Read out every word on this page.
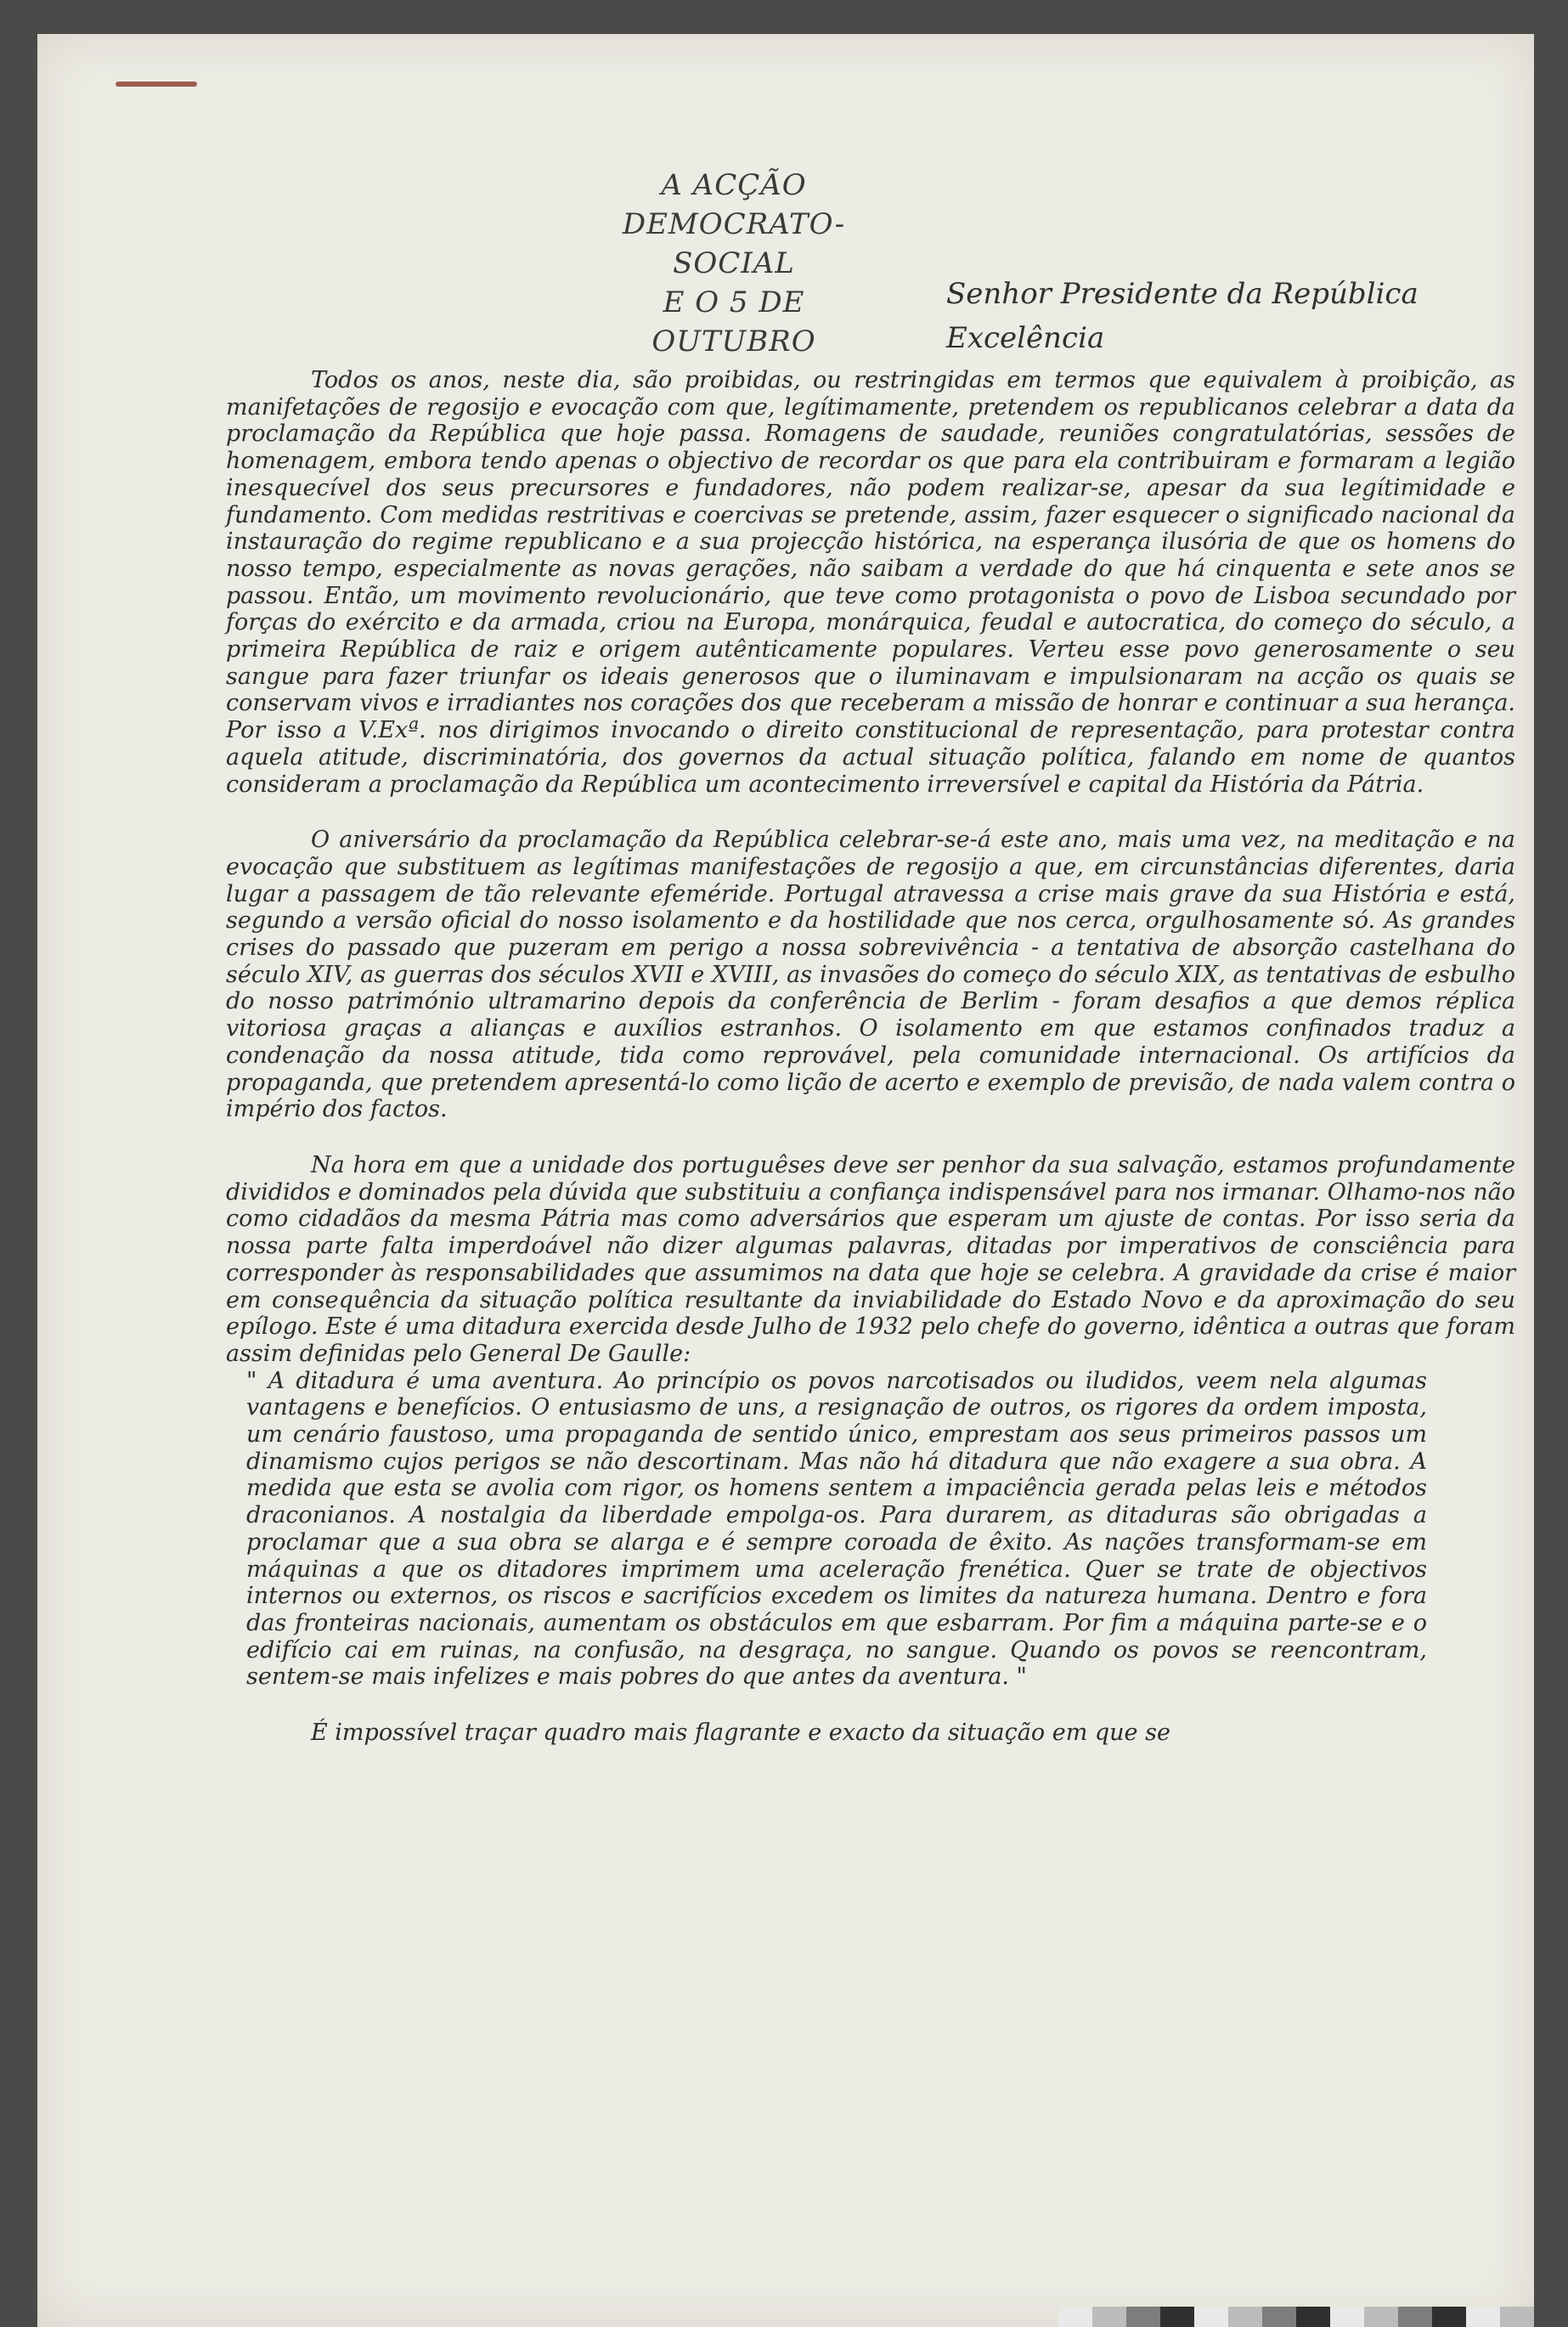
A ACÇÃO DEMOCRATO-SOCIAL
E O 5 DE OUTUBRO
Senhor Presidente da República
Excelência

Todos os anos, neste dia, são proibidas, ou restringidas em termos que equivalem à proibição, as manifetações de regosijo e evocação com que, legítimamente, pretendem os republicanos celebrar a data da proclamação da República que hoje passa. Romagens de saudade, reuniões congratulatórias, sessões de homenagem, embora tendo apenas o objectivo de recordar os que para ela contribuiram e formaram a legião inesquecível dos seus precursores e fundadores, não podem realizar-se, apesar da sua legítimidade e fundamento. Com medidas restritivas e coercivas se pretende, assim, fazer esquecer o significado nacional da instauração do regime republicano e a sua projecção histórica, na esperança ilusória de que os homens do nosso tempo, especialmente as novas gerações, não saibam a verdade do que há cinquenta e sete anos se passou. Então, um movimento revolucionário, que teve como protagonista o povo de Lisboa secundado por forças do exército e da armada, criou na Europa, monárquica, feudal e autocratica, do começo do século, a primeira República de raiz e origem autênticamente populares. Verteu esse povo generosamente o seu sangue para fazer triunfar os ideais generosos que o iluminavam e impulsionaram na acção os quais se conservam vivos e irradiantes nos corações dos que receberam a missão de honrar e continuar a sua herança. Por isso a V.Exª. nos dirigimos invocando o direito constitucional de representação, para protestar contra aquela atitude, discriminatória, dos governos da actual situação política, falando em nome de quantos consideram a proclamação da República um acontecimento irreversível e capital da História da Pátria.

O aniversário da proclamação da República celebrar-se-á este ano, mais uma vez, na meditação e na evocação que substituem as legítimas manifestações de regosijo a que, em circunstâncias diferentes, daria lugar a passagem de tão relevante efeméride. Portugal atravessa a crise mais grave da sua História e está, segundo a versão oficial do nosso isolamento e da hostilidade que nos cerca, orgulhosamente só. As grandes crises do passado que puzeram em perigo a nossa sobrevivência - a tentativa de absorção castelhana do século XIV, as guerras dos séculos XVII e XVIII, as invasões do começo do século XIX, as tentativas de esbulho do nosso património ultramarino depois da conferência de Berlim - foram desafios a que demos réplica vitoriosa graças a alianças e auxílios estranhos. O isolamento em que estamos confinados traduz a condenação da nossa atitude, tida como reprovável, pela comunidade internacional. Os artifícios da propaganda, que pretendem apresentá-lo como lição de acerto e exemplo de previsão, de nada valem contra o império dos factos.

Na hora em que a unidade dos portuguêses deve ser penhor da sua salvação, estamos profundamente divididos e dominados pela dúvida que substituiu a confiança indispensável para nos irmanar. Olhamo-nos não como cidadãos da mesma Pátria mas como adversários que esperam um ajuste de contas. Por isso seria da nossa parte falta imperdoável não dizer algumas palavras, ditadas por imperativos de consciência para corresponder às responsabilidades que assumimos na data que hoje se celebra. A gravidade da crise é maior em consequência da situação política resultante da inviabilidade do Estado Novo e da aproximação do seu epílogo. Este é uma ditadura exercida desde Julho de 1932 pelo chefe do governo, idêntica a outras que foram assim definidas pelo General De Gaulle:

" A ditadura é uma aventura. Ao princípio os povos narcotisados ou iludidos, veem nela algumas vantagens e benefícios. O entusiasmo de uns, a resignação de outros, os rigores da ordem imposta, um cenário faustoso, uma propaganda de sentido único, emprestam aos seus primeiros passos um dinamismo cujos perigos se não descortinam. Mas não há ditadura que não exagere a sua obra. A medida que esta se avolia com rigor, os homens sentem a impaciência gerada pelas leis e métodos draconianos. A nostalgia da liberdade empolga-os. Para durarem, as ditaduras são obrigadas a proclamar que a sua obra se alarga e é sempre coroada de êxito. As nações transformam-se em máquinas a que os ditadores imprimem uma aceleração frenética. Quer se trate de objectivos internos ou externos, os riscos e sacrifícios excedem os limites da natureza humana. Dentro e fora das fronteiras nacionais, aumentam os obstáculos em que esbarram. Por fim a máquina parte-se e o edifício cai em ruinas, na confusão, na desgraça, no sangue. Quando os povos se reencontram, sentem-se mais infelizes e mais pobres do que antes da aventura. "

É impossível traçar quadro mais flagrante e exacto da situação em que se
